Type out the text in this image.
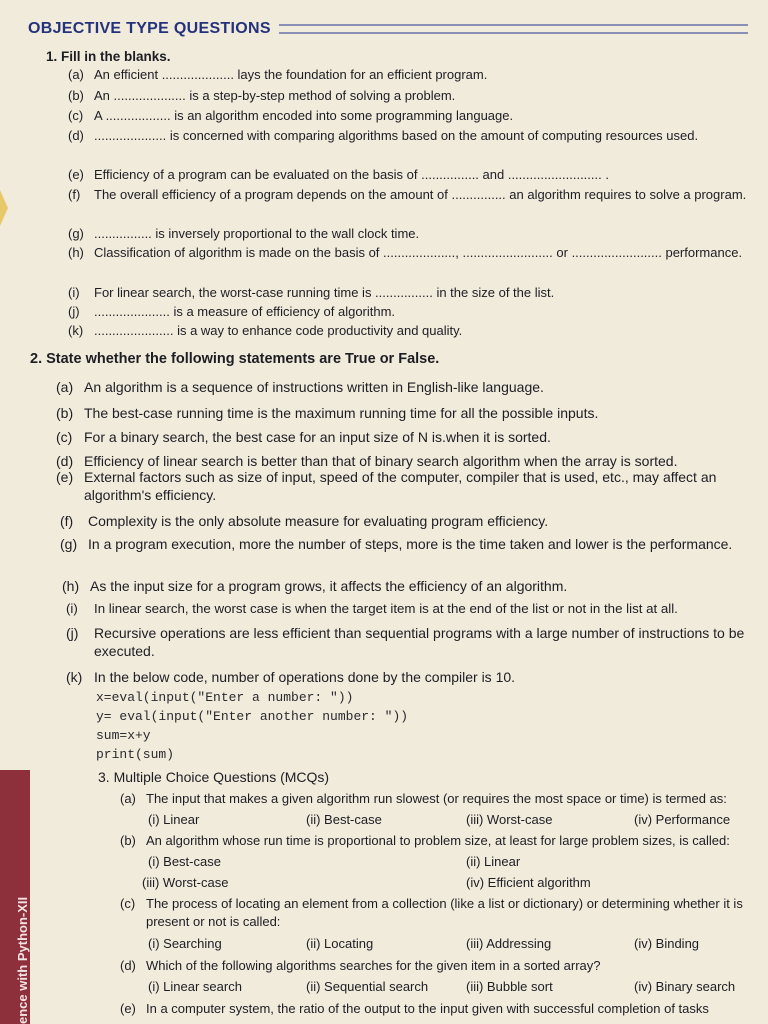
OBJECTIVE TYPE QUESTIONS
1. Fill in the blanks.
(a) An efficient .................... lays the foundation for an efficient program.
(b) An .................... is a step-by-step method of solving a problem.
(c) A .................. is an algorithm encoded into some programming language.
(d) .................... is concerned with comparing algorithms based on the amount of computing resources used.
(e) Efficiency of a program can be evaluated on the basis of ................ and .......................... .
(f)	The overall efficiency of a program depends on the amount of ............... an algorithm requires to solve a program.
(g) ................ is inversely proportional to the wall clock time.
(h) Classification of algorithm is made on the basis of ...................., ......................... or ......................... performance.
(i)	For linear search, the worst-case running time is ................ in the size of the list.
(j)	..................... is a measure of efficiency of algorithm.
(k) ...................... is a way to enhance code productivity and quality.
2. State whether the following statements are True or False.
(a) An algorithm is a sequence of instructions written in English-like language.
(b) The best-case running time is the maximum running time for all the possible inputs.
(c) For a binary search, the best case for an input size of N is.when it is sorted.
(d) Efficiency of linear search is better than that of binary search algorithm when the array is sorted.
(e) External factors such as size of input, speed of the computer, compiler that is used, etc., may affect an algorithm's efficiency.
(f)	Complexity is the only absolute measure for evaluating program efficiency.
(g) In a program execution, more the number of steps, more is the time taken and lower is the performance.
(h) As the input size for a program grows, it affects the efficiency of an algorithm.
(i)	In linear search, the worst case is when the target item is at the end of the list or not in the list at all.
(j)	Recursive operations are less efficient than sequential programs with a large number of instructions to be executed.
(k) In the below code, number of operations done by the compiler is 10.
x=eval(input("Enter a number: "))
y= eval(input("Enter another number: "))
sum=x+y
print(sum)
ence with Python-XII
3. Multiple Choice Questions (MCQs)
(a) The input that makes a given algorithm run slowest (or requires the most space or time) is termed as:
(i) Linear	(ii) Best-case	(iii) Worst-case	(iv) Performance
(b) An algorithm whose run time is proportional to problem size, at least for large problem sizes, is called:
(i) Best-case	(ii) Linear
(iii) Worst-case	(iv) Efficient algorithm
(c) The process of locating an element from a collection (like a list or dictionary) or determining whether it is present or not is called:
(i) Searching	(ii) Locating	(iii) Addressing	(iv) Binding
(d) Which of the following algorithms searches for the given item in a sorted array?
(i) Linear search	(ii) Sequential search	(iii) Bubble sort	(iv) Binary search
(e) In a computer system, the ratio of the output to the input given with successful completion of tasks
